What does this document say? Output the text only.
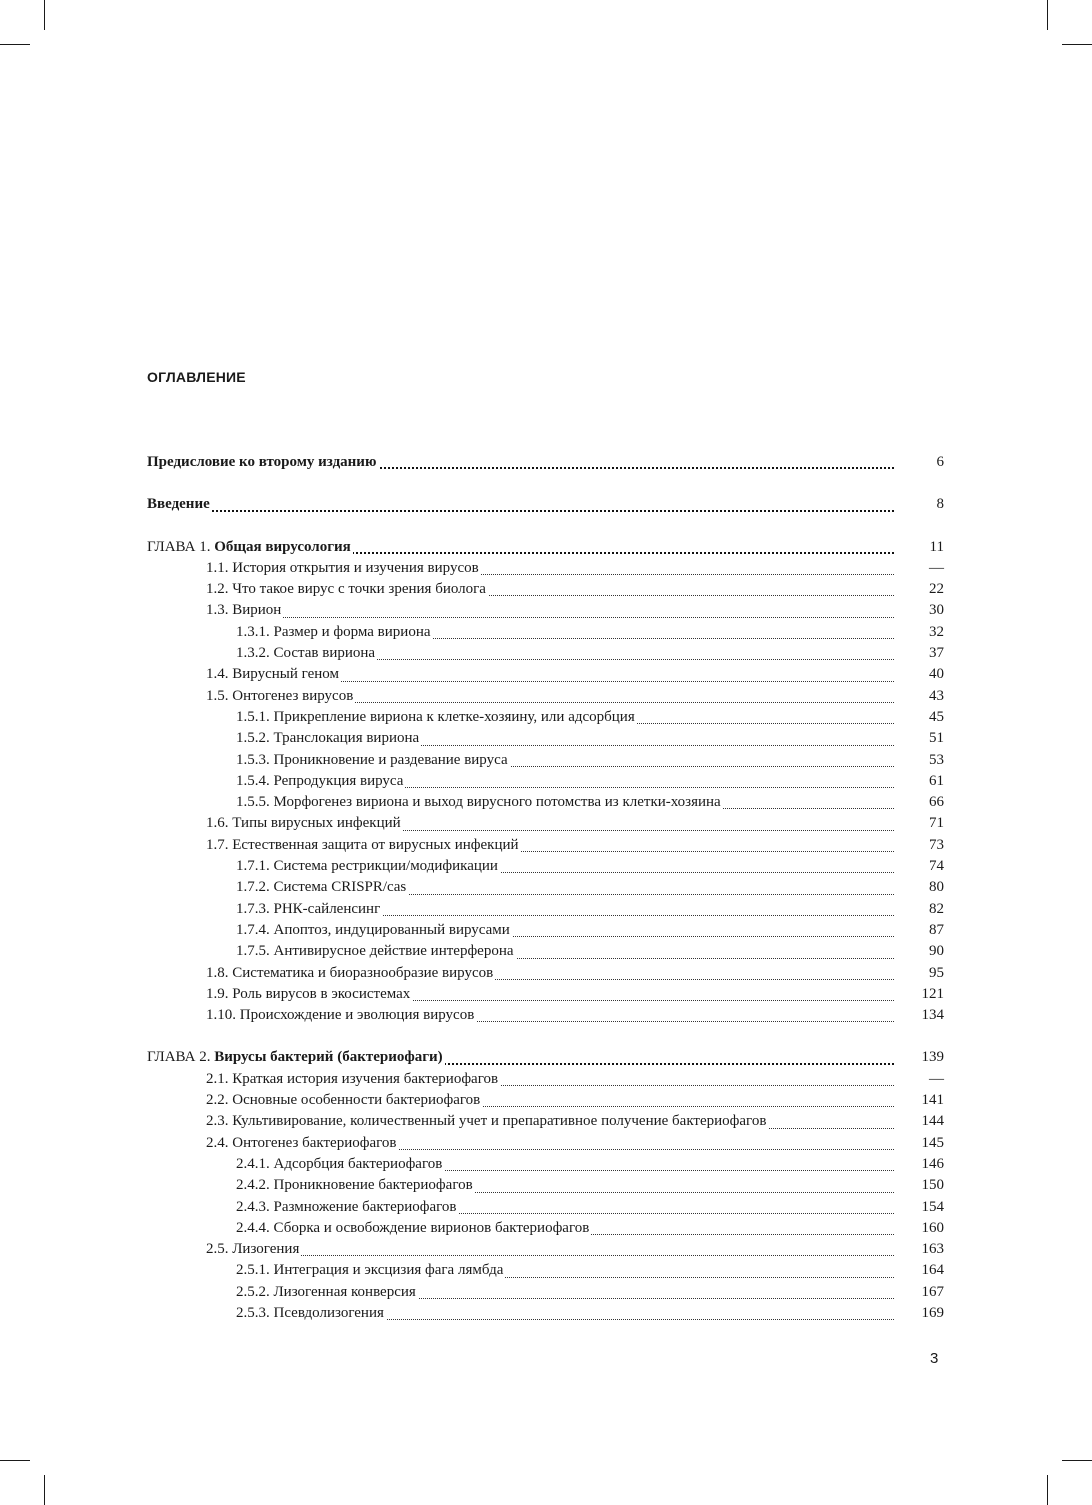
ОГЛАВЛЕНИЕ
Предисловие ко второму изданию	6
Введение	8
ГЛАВА 1. Общая вирусология	11
1.1. История открытия и изучения вирусов	—
1.2. Что такое вирус с точки зрения биолога	22
1.3. Вирион	30
1.3.1. Размер и форма вириона	32
1.3.2. Состав вириона	37
1.4. Вирусный геном	40
1.5. Онтогенез вирусов	43
1.5.1. Прикрепление вириона к клетке-хозяину, или адсорбция	45
1.5.2. Транслокация вириона	51
1.5.3. Проникновение и раздевание вируса	53
1.5.4. Репродукция вируса	61
1.5.5. Морфогенез вириона и выход вирусного потомства из клетки-хозяина	66
1.6. Типы вирусных инфекций	71
1.7. Естественная защита от вирусных инфекций	73
1.7.1. Система рестрикции/модификации	74
1.7.2. Система CRISPR/cas	80
1.7.3. РНК-сайленсинг	82
1.7.4. Апоптоз, индуцированный вирусами	87
1.7.5. Антивирусное действие интерферона	90
1.8. Систематика и биоразнообразие вирусов	95
1.9. Роль вирусов в экосистемах	121
1.10. Происхождение и эволюция вирусов	134
ГЛАВА 2. Вирусы бактерий (бактериофаги)	139
2.1. Краткая история изучения бактериофагов	—
2.2. Основные особенности бактериофагов	141
2.3. Культивирование, количественный учет и препаративное получение бактериофагов	144
2.4. Онтогенез бактериофагов	145
2.4.1. Адсорбция бактериофагов	146
2.4.2. Проникновение бактериофагов	150
2.4.3. Размножение бактериофагов	154
2.4.4. Сборка и освобождение вирионов бактериофагов	160
2.5. Лизогения	163
2.5.1. Интеграция и эксцизия фага лямбда	164
2.5.2. Лизогенная конверсия	167
2.5.3. Псевдолизогения	169
3
